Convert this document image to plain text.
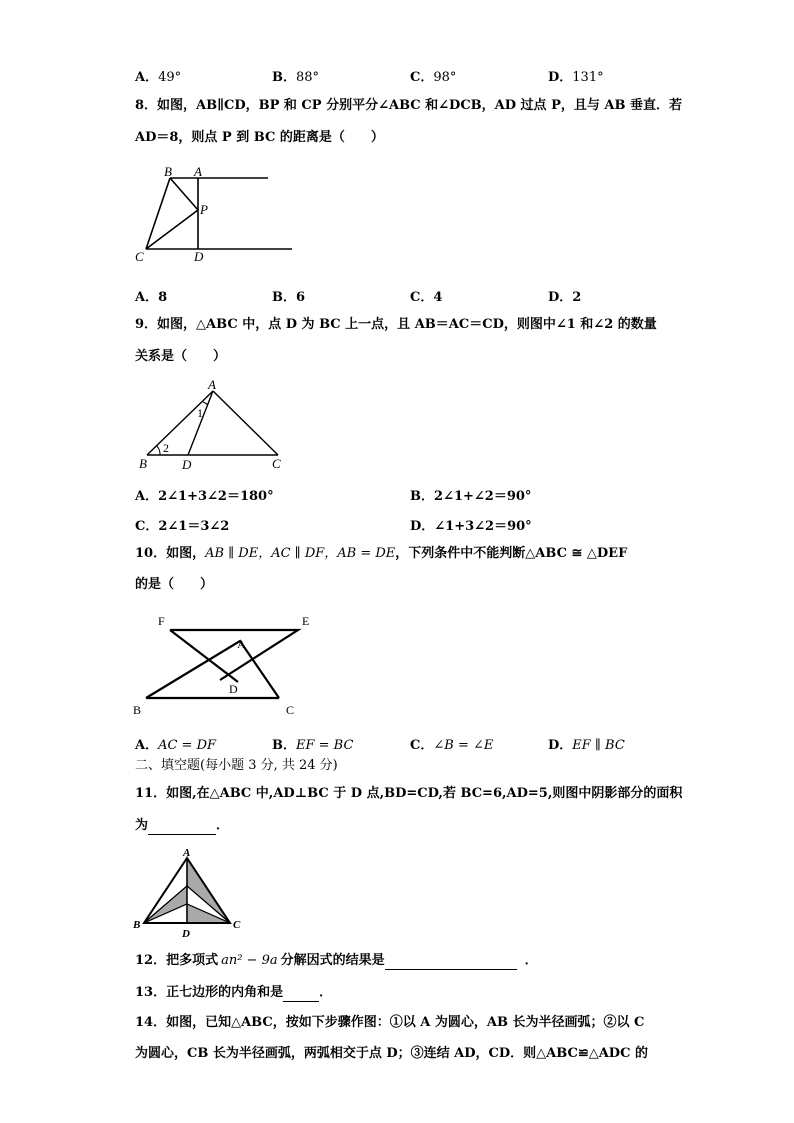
A．49°	B．88°	C．98°	D．131°
8．如图，AB∥CD，BP 和 CP 分别平分∠ABC 和∠DCB，AD 过点 P，且与 AB 垂直．若
AD＝8，则点 P 到 BC 的距离是（　　）
B A
P
C	D
A．8	B．6	C．4	D．2
9．如图，△ABC 中，点 D 为 BC 上一点，且 AB＝AC＝CD，则图中∠1 和∠2 的数量
关系是（　　）
A
1
2
B	D	C
A．2∠1+3∠2＝180°	B．2∠1+∠2＝90°
C．2∠1＝3∠2	D．∠1+3∠2＝90°
10．如图，AB ∥ DE，AC ∥ DF，AB = DE，下列条件中不能判断△ABC ≅ △DEF
的是（　　）
F	E
A
D
B	C
A．AC = DF	B．EF = BC	C．∠B = ∠E	D．EF ∥ BC
二、填空题(每小题 3 分, 共 24 分)
11．如图,在△ABC 中,AD⊥BC 于 D 点,BD=CD,若 BC=6,AD=5,则图中阴影部分的面积
为	．
A
B	C
D
12．把多项式 an² − 9a 分解因式的结果是	．
13．正七边形的内角和是	．
14．如图，已知△ABC，按如下步骤作图：①以 A 为圆心，AB 长为半径画弧；②以 C
为圆心，CB 长为半径画弧，两弧相交于点 D；③连结 AD，CD．则△ABC≌△ADC 的
